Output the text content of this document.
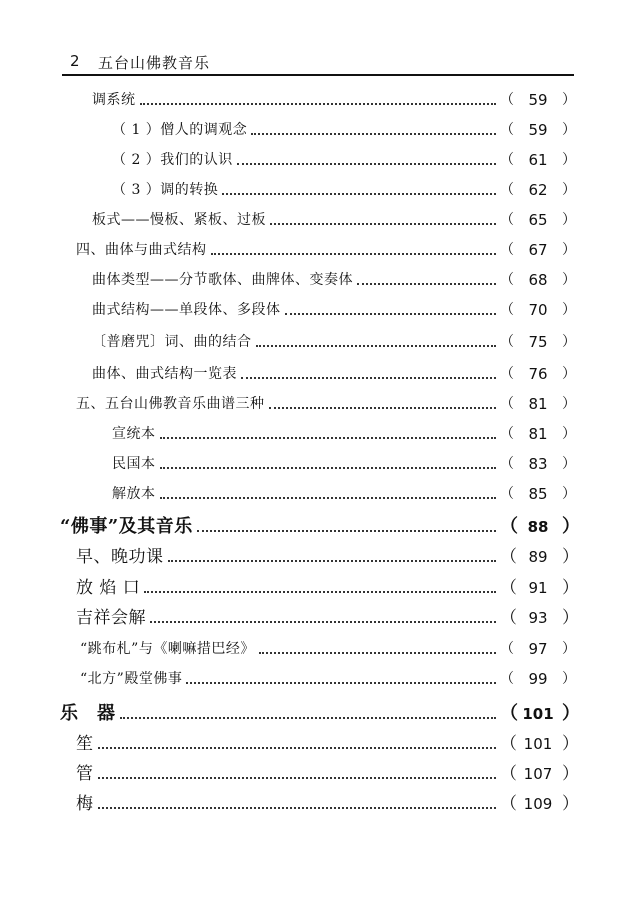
2 五台山佛教音乐
调系统	（ 59	）
（ 1 ）僧人的调观念	（ 59	）
（ 2 ）我们的认识	（ 61	）
（ 3 ）调的转换	（ 62	）
板式——慢板、紧板、过板	（ 65	）
四、曲体与曲式结构	（ 67	）
曲体类型——分节歌体、曲牌体、变奏体	（ 68	）
曲式结构——单段体、多段体	（ 70	）
〔普磨咒〕词、曲的结合	（ 75	）
曲体、曲式结构一览表	（ 76	）
五、五台山佛教音乐曲谱三种	（ 81	）
宣统本	（ 81	）
民国本	（ 83	）
解放本	（ 85	）
“佛事”及其音乐	（ 88 ）
早、晚功课	（ 89 ）
放 焰 口	（ 91 ）
吉祥会解	（ 93 ）
“跳布札”与《喇嘛措巴经》	（ 97	）
“北方”殿堂佛事	（ 99	）
乐　器	（ 101 ）
笙	（ 101 ）
管	（ 107 ）
梅	（ 109 ）
